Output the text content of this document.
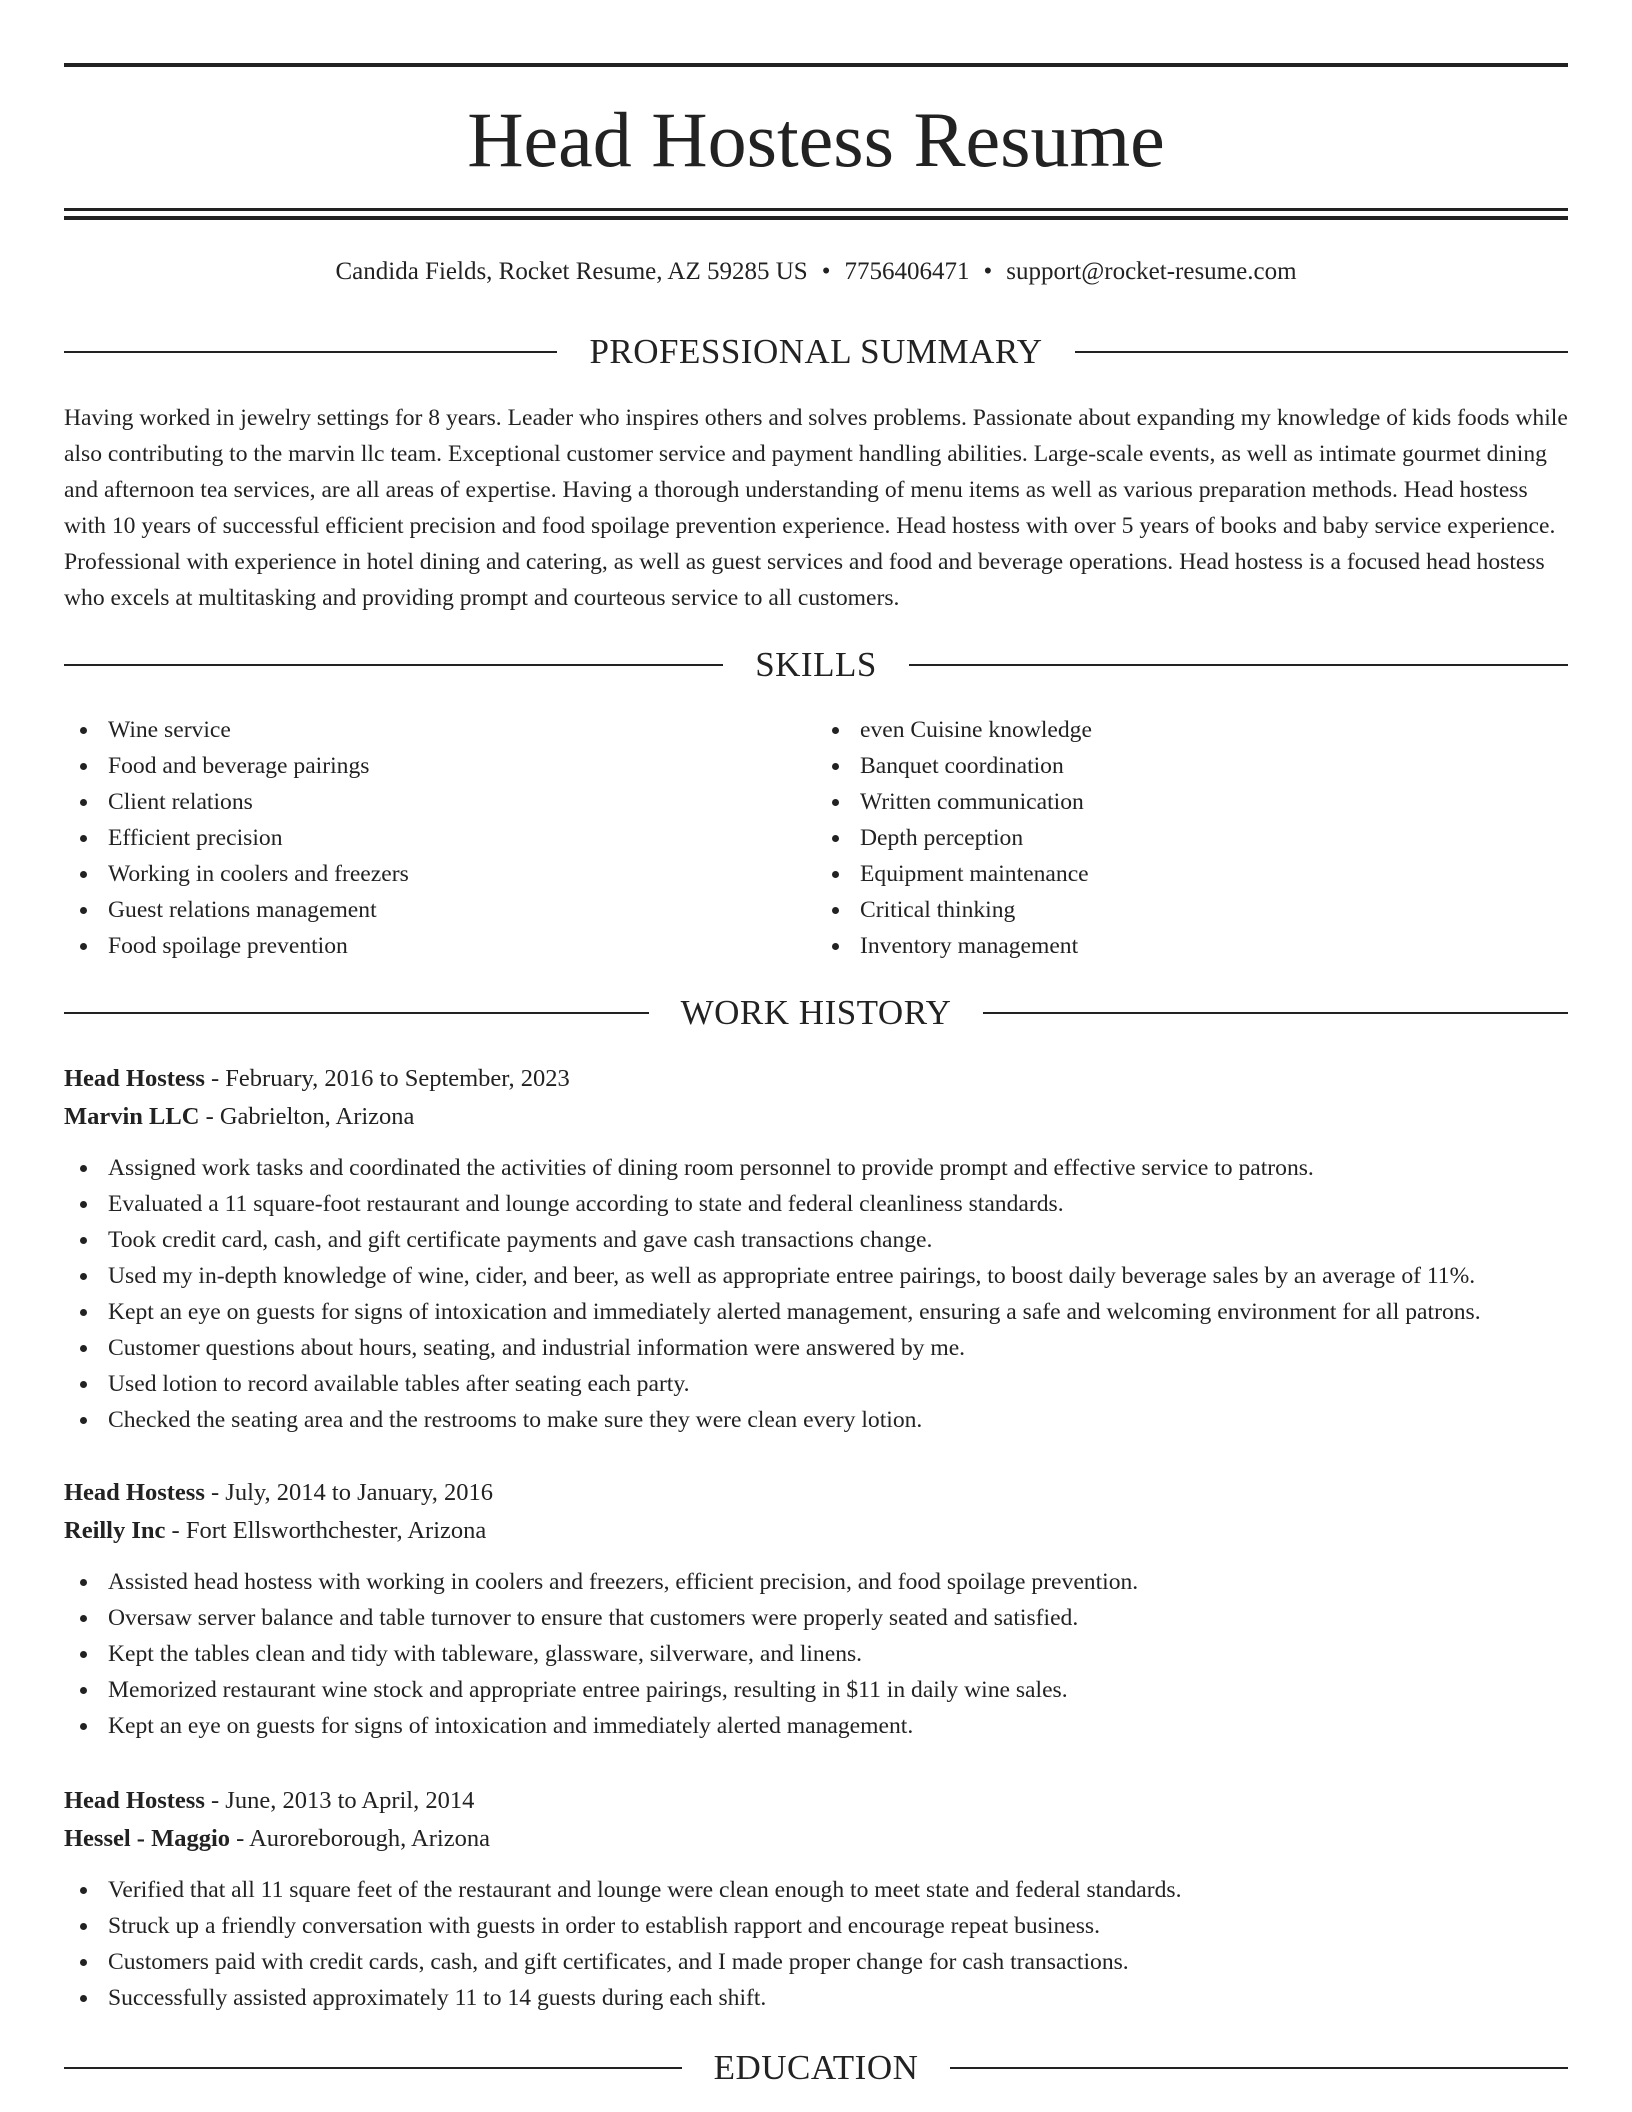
Head Hostess Resume
Candida Fields, Rocket Resume, AZ 59285 US • 7756406471 • support@rocket-resume.com
PROFESSIONAL SUMMARY

Having worked in jewelry settings for 8 years. Leader who inspires others and solves problems. Passionate about expanding my knowledge of kids foods while also contributing to the marvin llc team. Exceptional customer service and payment handling abilities. Large-scale events, as well as intimate gourmet dining and afternoon tea services, are all areas of expertise. Having a thorough understanding of menu items as well as various preparation methods. Head hostess with 10 years of successful efficient precision and food spoilage prevention experience. Head hostess with over 5 years of books and baby service experience. Professional with experience in hotel dining and catering, as well as guest services and food and beverage operations. Head hostess is a focused head hostess who excels at multitasking and providing prompt and courteous service to all customers.

SKILLS
Wine service
Food and beverage pairings
Client relations
Efficient precision
Working in coolers and freezers
Guest relations management
Food spoilage prevention
even Cuisine knowledge
Banquet coordination
Written communication
Depth perception
Equipment maintenance
Critical thinking
Inventory management
WORK HISTORY
Head Hostess - February, 2016 to September, 2023
Marvin LLC - Gabrielton, Arizona
Assigned work tasks and coordinated the activities of dining room personnel to provide prompt and effective service to patrons.
Evaluated a 11 square-foot restaurant and lounge according to state and federal cleanliness standards.
Took credit card, cash, and gift certificate payments and gave cash transactions change.
Used my in-depth knowledge of wine, cider, and beer, as well as appropriate entree pairings, to boost daily beverage sales by an average of 11%.
Kept an eye on guests for signs of intoxication and immediately alerted management, ensuring a safe and welcoming environment for all patrons.
Customer questions about hours, seating, and industrial information were answered by me.
Used lotion to record available tables after seating each party.
Checked the seating area and the restrooms to make sure they were clean every lotion.
Head Hostess - July, 2014 to January, 2016
Reilly Inc - Fort Ellsworthchester, Arizona
Assisted head hostess with working in coolers and freezers, efficient precision, and food spoilage prevention.
Oversaw server balance and table turnover to ensure that customers were properly seated and satisfied.
Kept the tables clean and tidy with tableware, glassware, silverware, and linens.
Memorized restaurant wine stock and appropriate entree pairings, resulting in $11 in daily wine sales.
Kept an eye on guests for signs of intoxication and immediately alerted management.
Head Hostess - June, 2013 to April, 2014
Hessel - Maggio - Auroreborough, Arizona
Verified that all 11 square feet of the restaurant and lounge were clean enough to meet state and federal standards.
Struck up a friendly conversation with guests in order to establish rapport and encourage repeat business.
Customers paid with credit cards, cash, and gift certificates, and I made proper change for cash transactions.
Successfully assisted approximately 11 to 14 guests during each shift.
EDUCATION
